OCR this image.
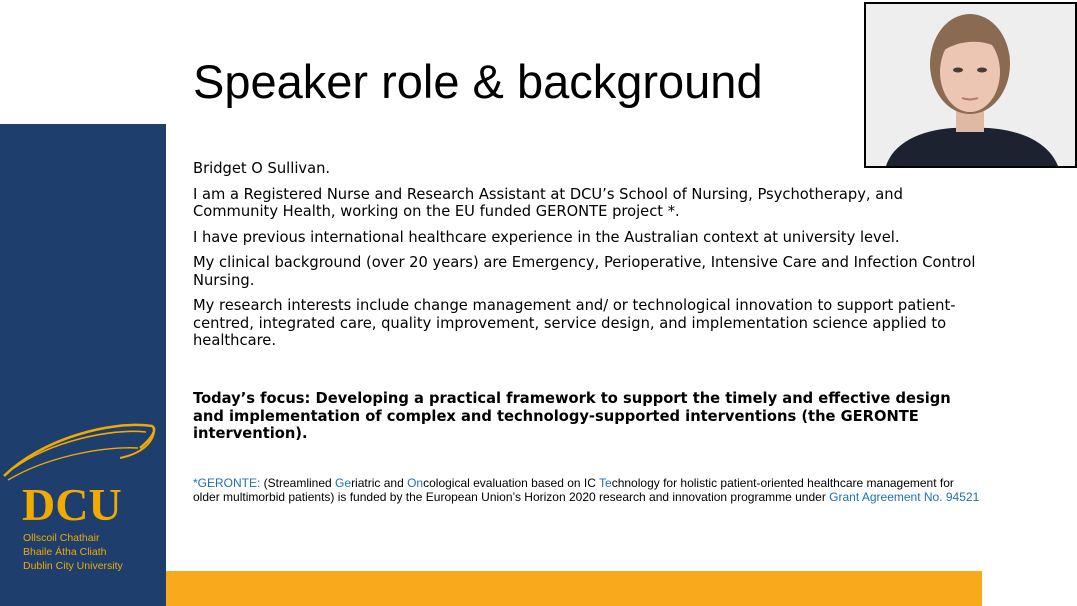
DCU
Ollscoil Chathair
Bhaile Átha Cliath
Dublin City University
Speaker role & background

Bridget O Sullivan.

I am a Registered Nurse and Research Assistant at DCU’s School of Nursing, Psychotherapy, and Community Health, working on the EU funded GERONTE project *.

I have previous international healthcare experience in the Australian context at university level.

My clinical background (over 20 years) are Emergency, Perioperative, Intensive Care and Infection Control Nursing.

My research interests include change management and/ or technological innovation to support patient-centred, integrated care, quality improvement, service design, and implementation science applied to healthcare.

Today’s focus: Developing a practical framework to support the timely and effective design and implementation of complex and technology-supported interventions (the GERONTE intervention).
*GERONTE: (Streamlined Geriatric and Oncological evaluation based on IC Technology for holistic patient-oriented healthcare management for older multimorbid patients) is funded by the European Union’s Horizon 2020 research and innovation programme under Grant Agreement No. 94521
